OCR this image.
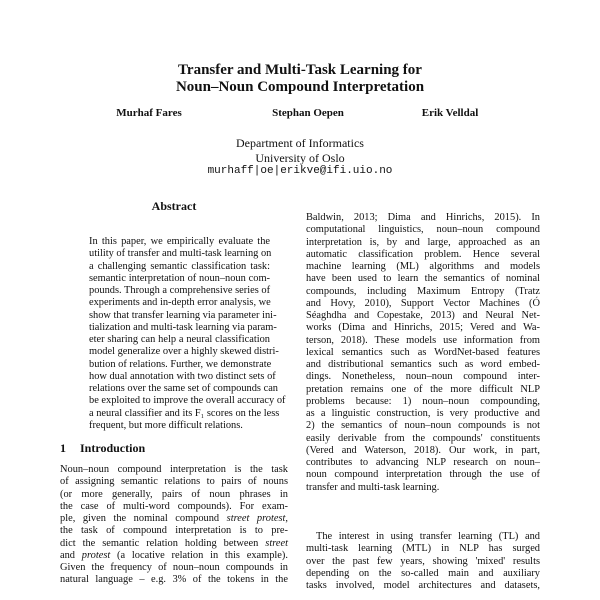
Transfer and Multi-Task Learning for
Noun–Noun Compound Interpretation
Murhaf Fares	Stephan Oepen	Erik Velldal
Department of Informatics
University of Oslo
murhaff|oe|erikve@ifi.uio.no
Abstract
In this paper, we empirically evaluate the
utility of transfer and multi-task learning on
a challenging semantic classification task:
semantic interpretation of noun–noun com-
pounds. Through a comprehensive series of
experiments and in-depth error analysis, we
show that transfer learning via parameter ini-
tialization and multi-task learning via param-
eter sharing can help a neural classification
model generalize over a highly skewed distri-
bution of relations. Further, we demonstrate
how dual annotation with two distinct sets of
relations over the same set of compounds can
be exploited to improve the overall accuracy of
a neural classifier and its F₁ scores on the less
frequent, but more difficult relations.
1 Introduction
Noun–noun compound interpretation is the task
of assigning semantic relations to pairs of nouns
(or more generally, pairs of noun phrases in
the case of multi-word compounds). For exam-
ple, given the nominal compound street protest,
the task of compound interpretation is to pre-
dict the semantic relation holding between street
and protest (a locative relation in this example).
Given the frequency of noun–noun compounds in
natural language – e.g. 3% of the tokens in the
Baldwin, 2013; Dima and Hinrichs, 2015). In
computational linguistics, noun–noun compound
interpretation is, by and large, approached as an
automatic classification problem. Hence several
machine learning (ML) algorithms and models
have been used to learn the semantics of nominal
compounds, including Maximum Entropy (Tratz
and Hovy, 2010), Support Vector Machines (Ó
Séaghdha and Copestake, 2013) and Neural Net-
works (Dima and Hinrichs, 2015; Vered and Wa-
terson, 2018). These models use information from
lexical semantics such as WordNet-based features
and distributional semantics such as word embed-
dings. Nonetheless, noun–noun compound inter-
pretation remains one of the more difficult NLP
problems because: 1) noun–noun compounding,
as a linguistic construction, is very productive and
2) the semantics of noun–noun compounds is not
easily derivable from the compounds' constituents
(Vered and Waterson, 2018). Our work, in part,
contributes to advancing NLP research on noun–
noun compound interpretation through the use of
transfer and multi-task learning.
The interest in using transfer learning (TL) and
multi-task learning (MTL) in NLP has surged
over the past few years, showing 'mixed' results
depending on the so-called main and auxiliary
tasks involved, model architectures and datasets,
